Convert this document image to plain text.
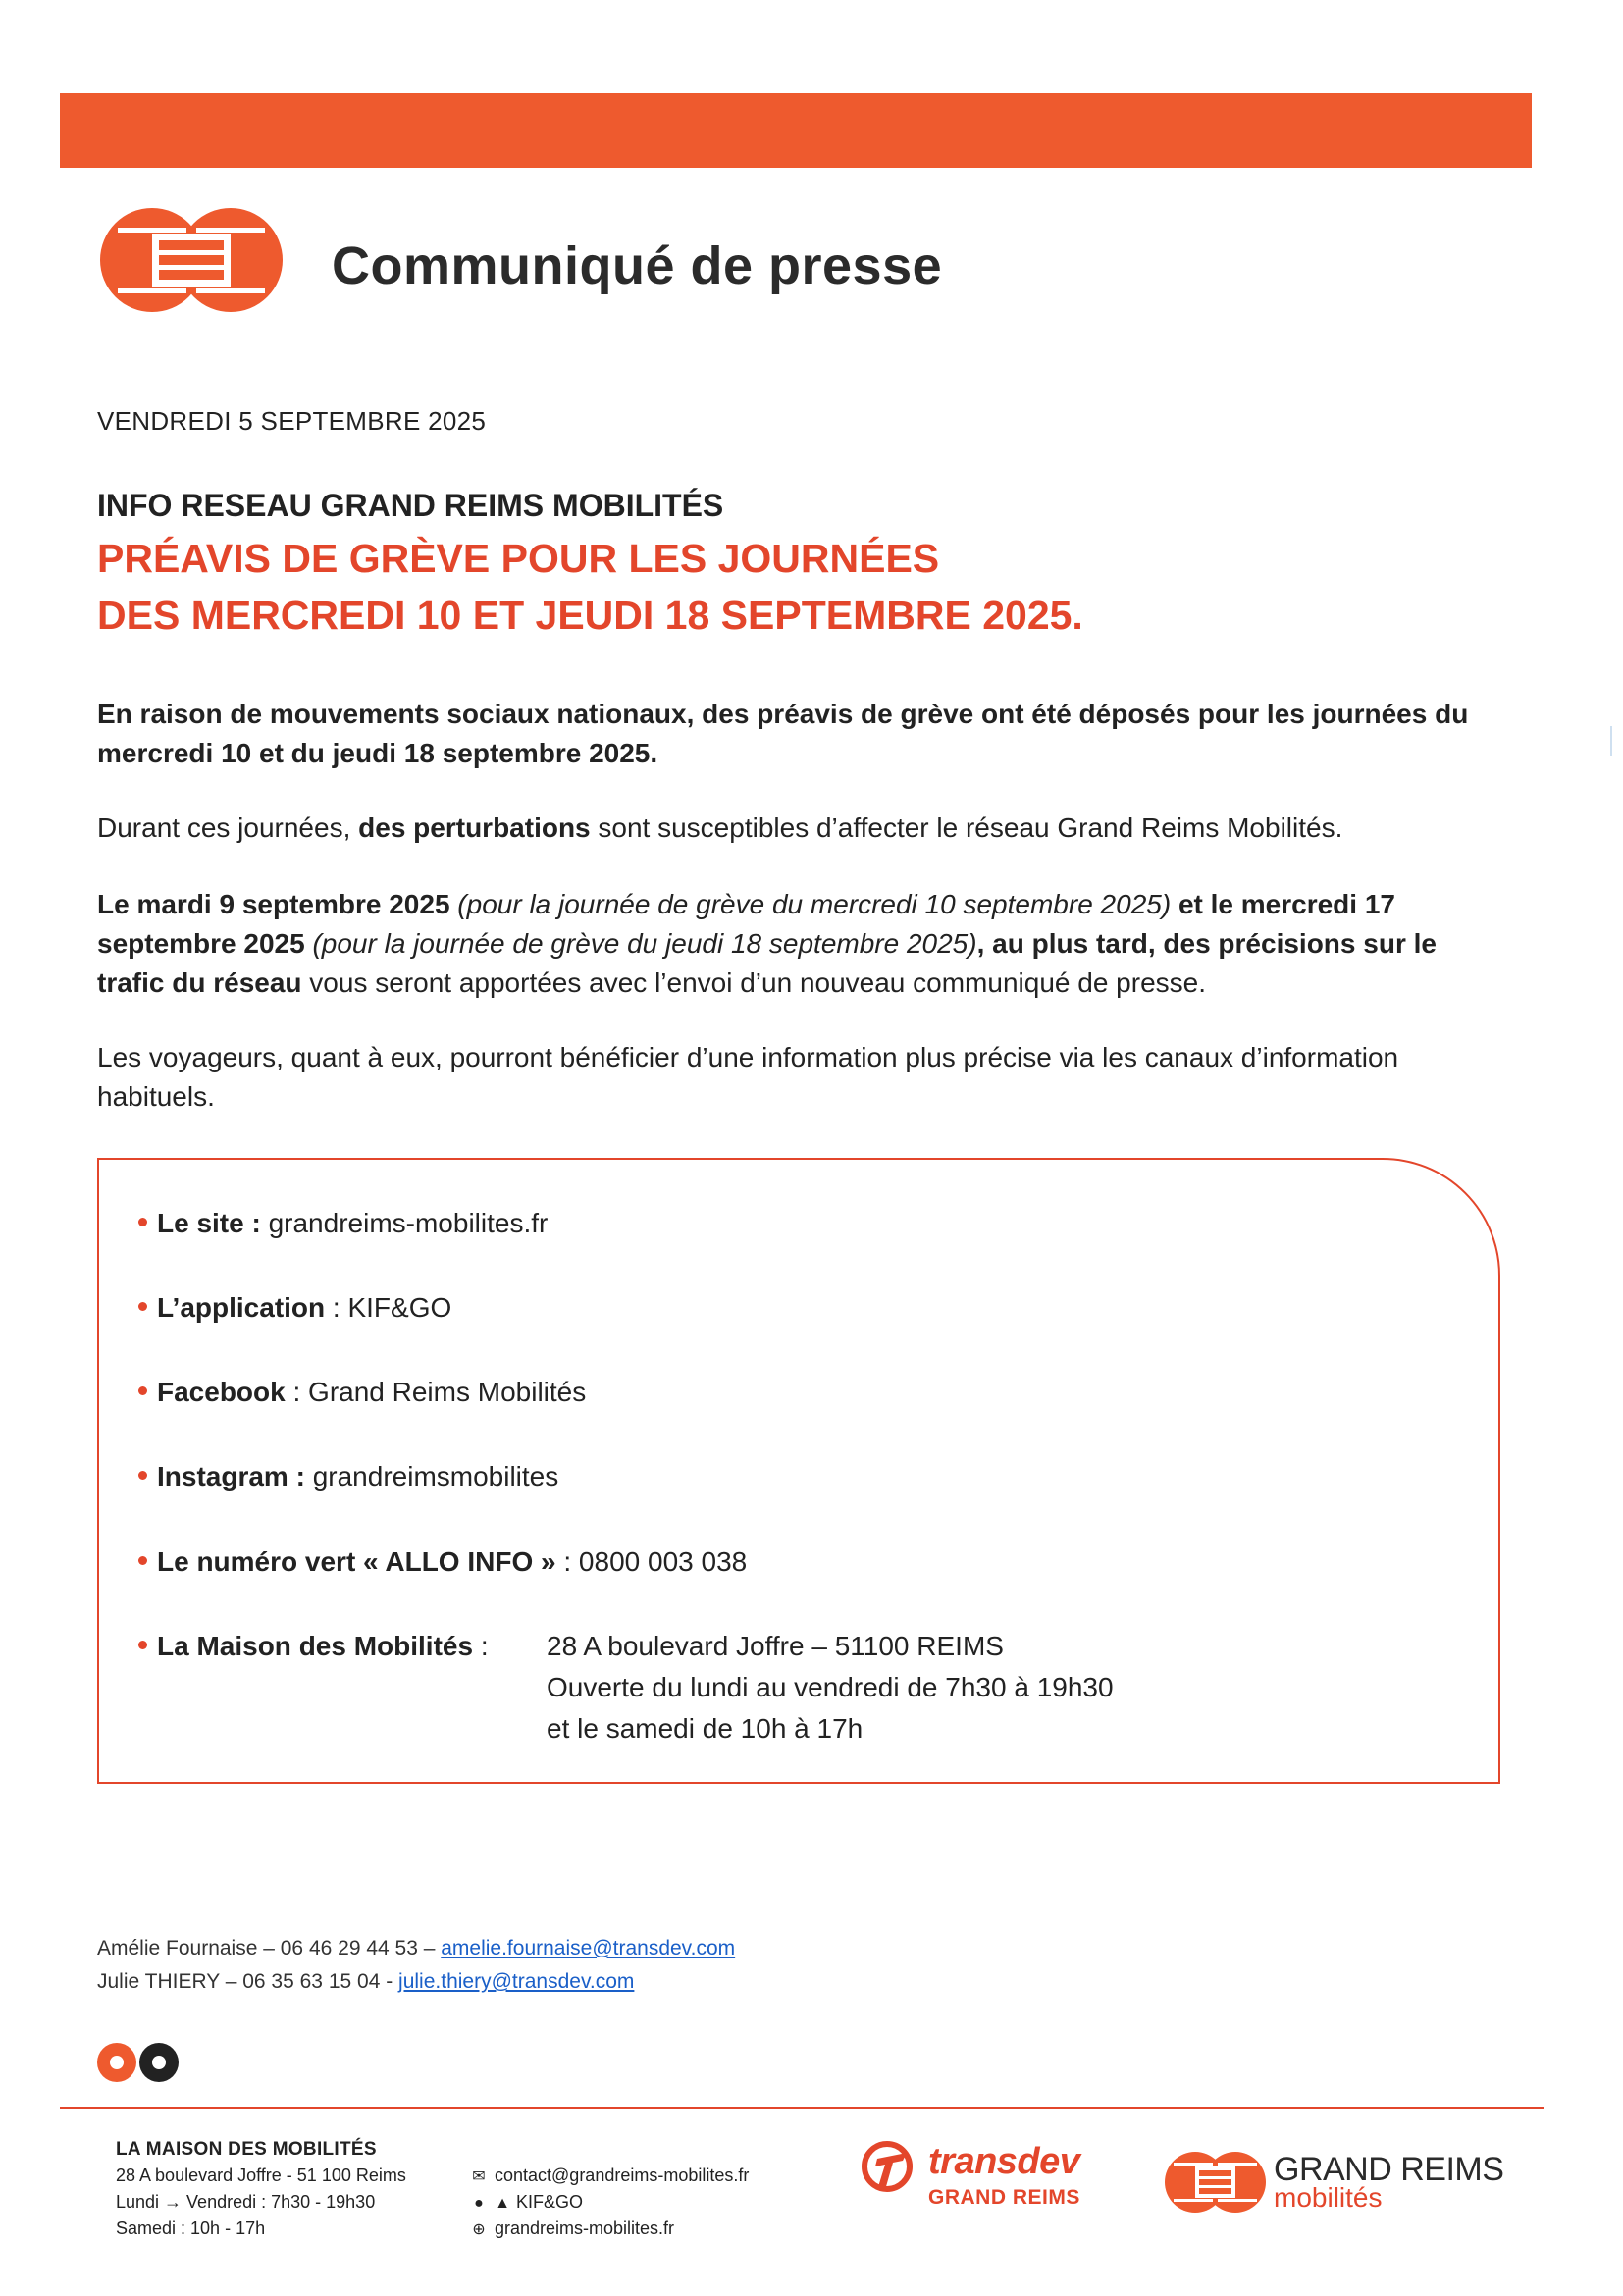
Communiqué de presse
VENDREDI 5 SEPTEMBRE 2025
INFO RESEAU GRAND REIMS MOBILITÉS
PRÉAVIS DE GRÈVE POUR LES JOURNÉES
DES MERCREDI 10 ET JEUDI 18 SEPTEMBRE 2025.
En raison de mouvements sociaux nationaux, des préavis de grève ont été déposés pour les journées du mercredi 10 et du jeudi 18 septembre 2025.
Durant ces journées, des perturbations sont susceptibles d’affecter le réseau Grand Reims Mobilités.
Le mardi 9 septembre 2025 (pour la journée de grève du mercredi 10 septembre 2025) et le mercredi 17 septembre 2025 (pour la journée de grève du jeudi 18 septembre 2025), au plus tard, des précisions sur le trafic du réseau vous seront apportées avec l’envoi d’un nouveau communiqué de presse.
Les voyageurs, quant à eux, pourront bénéficier d’une information plus précise via les canaux d’information habituels.
Le site : grandreims-mobilites.fr
L’application : KIF&GO
Facebook : Grand Reims Mobilités
Instagram : grandreimsmobilites
Le numéro vert « ALLO INFO » : 0800 003 038
La Maison des Mobilités : 28 A boulevard Joffre – 51100 REIMS
Ouverte du lundi au vendredi de 7h30 à 19h30
et le samedi de 10h à 17h
Amélie Fournaise – 06 46 29 44 53 – amelie.fournaise@transdev.com
Julie THIERY – 06 35 63 15 04 - julie.thiery@transdev.com
LA MAISON DES MOBILITÉS
28 A boulevard Joffre - 51 100 Reims
Lundi → Vendredi : 7h30 - 19h30
Samedi : 10h - 17h
✉ contact@grandreims-mobilites.fr
● ▲ KIF&GO
⊕ grandreims-mobilites.fr
transdev
GRAND REIMS
GRAND REIMS
mobilités
